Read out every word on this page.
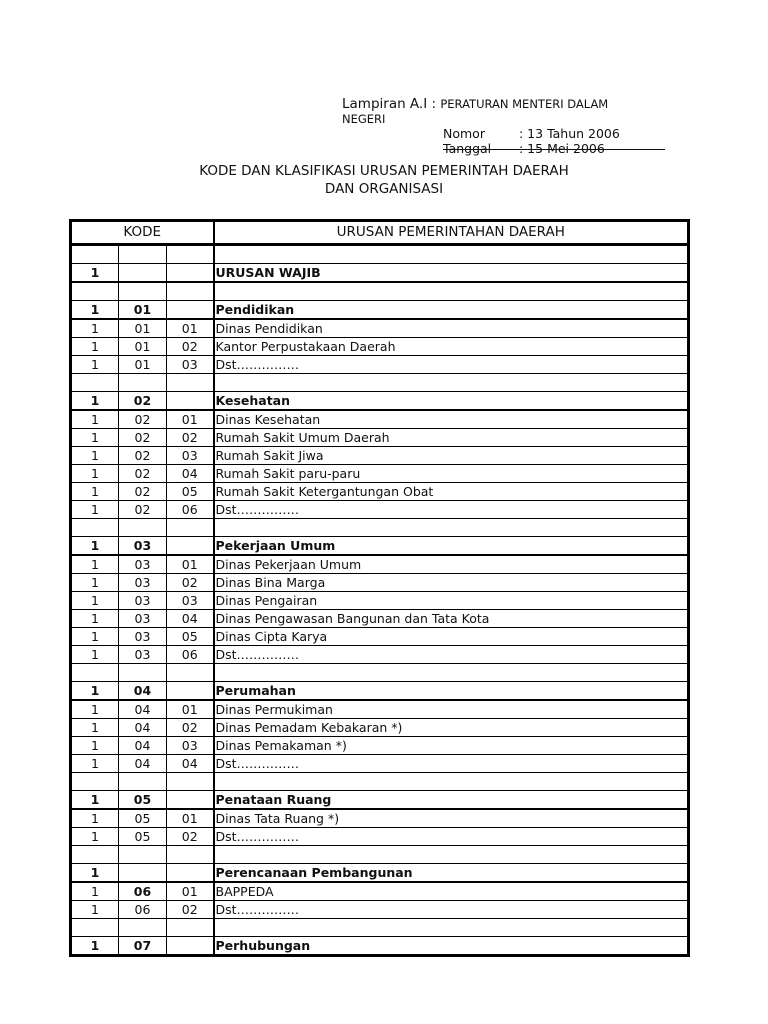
Lampiran A.I : PERATURAN MENTERI DALAM
NEGERI
Nomor	: 13 Tahun 2006
Tanggal : 15 Mei 2006
KODE DAN KLASIFIKASI URUSAN PEMERINTAH DAERAH
DAN ORGANISASI
KODE			URUSAN PEMERINTAHAN DAERAH

1			URUSAN WAJIB

1	01		Pendidikan
1	01	01	Dinas Pendidikan
1	01	02	Kantor Perpustakaan Daerah
1	01	03	Dst……………

1	02		Kesehatan
1	02	01	Dinas Kesehatan
1	02	02	Rumah Sakit Umum Daerah
1	02	03	Rumah Sakit Jiwa
1	02	04	Rumah Sakit paru-paru
1	02	05	Rumah Sakit Ketergantungan Obat
1	02	06	Dst……………

1	03		Pekerjaan Umum
1	03	01	Dinas Pekerjaan Umum
1	03	02	Dinas Bina Marga
1	03	03	Dinas Pengairan
1	03	04	Dinas Pengawasan Bangunan dan Tata Kota
1	03	05	Dinas Cipta Karya
1	03	06	Dst……………

1	04		Perumahan
1	04	01	Dinas Permukiman
1	04	02	Dinas Pemadam Kebakaran *)
1	04	03	Dinas Pemakaman *)
1	04	04	Dst……………

1	05		Penataan Ruang
1	05	01	Dinas Tata Ruang *)
1	05	02	Dst……………

1			Perencanaan Pembangunan
1	06	01	BAPPEDA
1	06	02	Dst……………

1	07		Perhubungan
